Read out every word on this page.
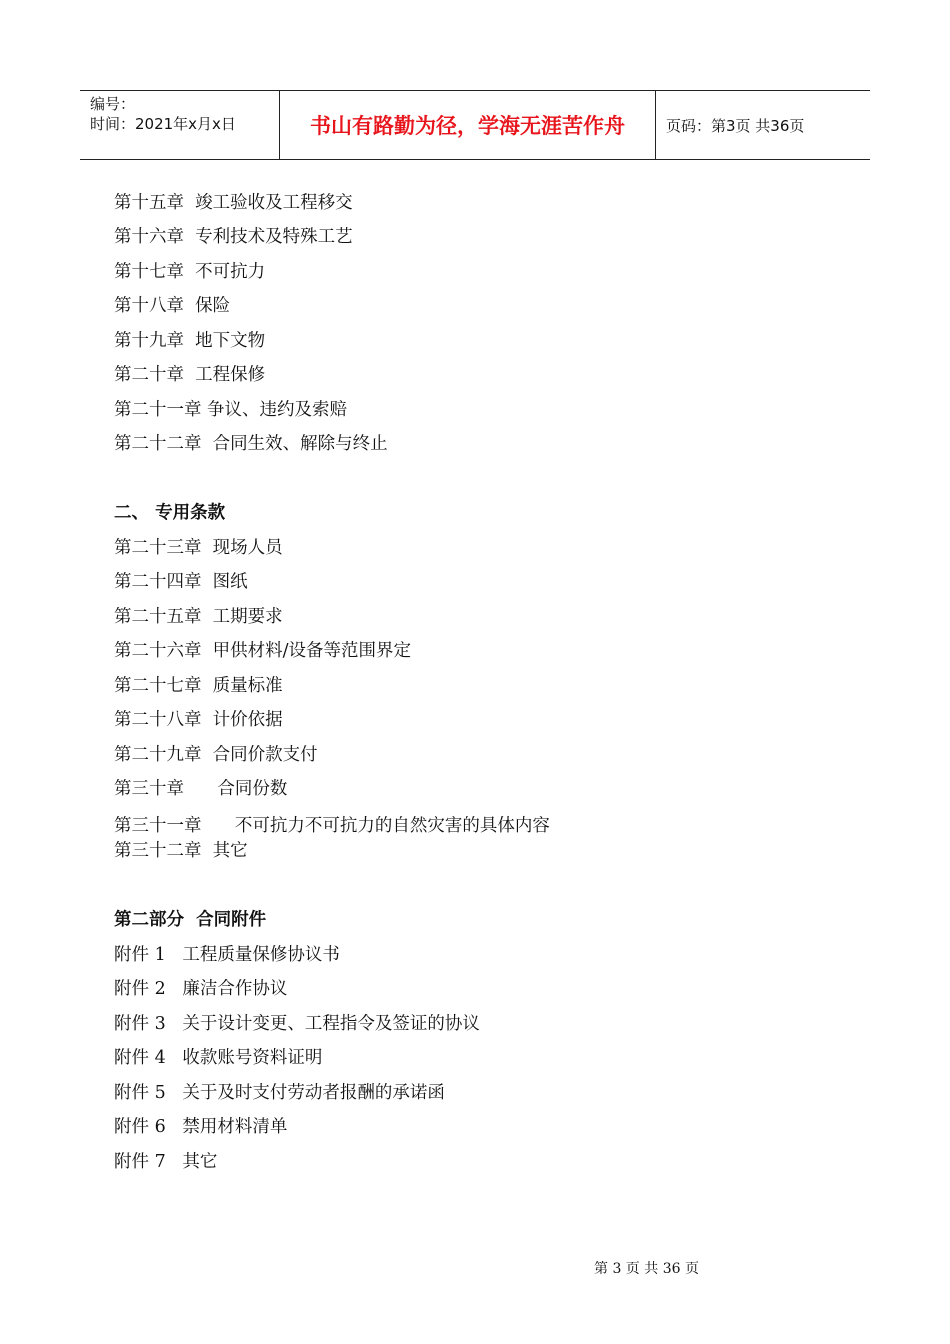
编号：
时间：2021年x月x日	书山有路勤为径，学海无涯苦作舟	页码：第3页 共36页
第十五章  竣工验收及工程移交
第十六章  专利技术及特殊工艺
第十七章  不可抗力
第十八章  保险
第十九章  地下文物
第二十章  工程保修
第二十一章 争议、违约及索赔
第二十二章  合同生效、解除与终止
二、 专用条款
第二十三章  现场人员
第二十四章  图纸
第二十五章  工期要求
第二十六章  甲供材料/设备等范围界定
第二十七章  质量标准
第二十八章  计价依据
第二十九章  合同价款支付
第三十章      合同份数
第三十一章      不可抗力不可抗力的自然灾害的具体内容
第三十二章  其它
第二部分  合同附件
附件 1   工程质量保修协议书
附件 2   廉洁合作协议
附件 3   关于设计变更、工程指令及签证的协议
附件 4   收款账号资料证明
附件 5   关于及时支付劳动者报酬的承诺函
附件 6   禁用材料清单
附件 7   其它
第 3 页 共 36 页
